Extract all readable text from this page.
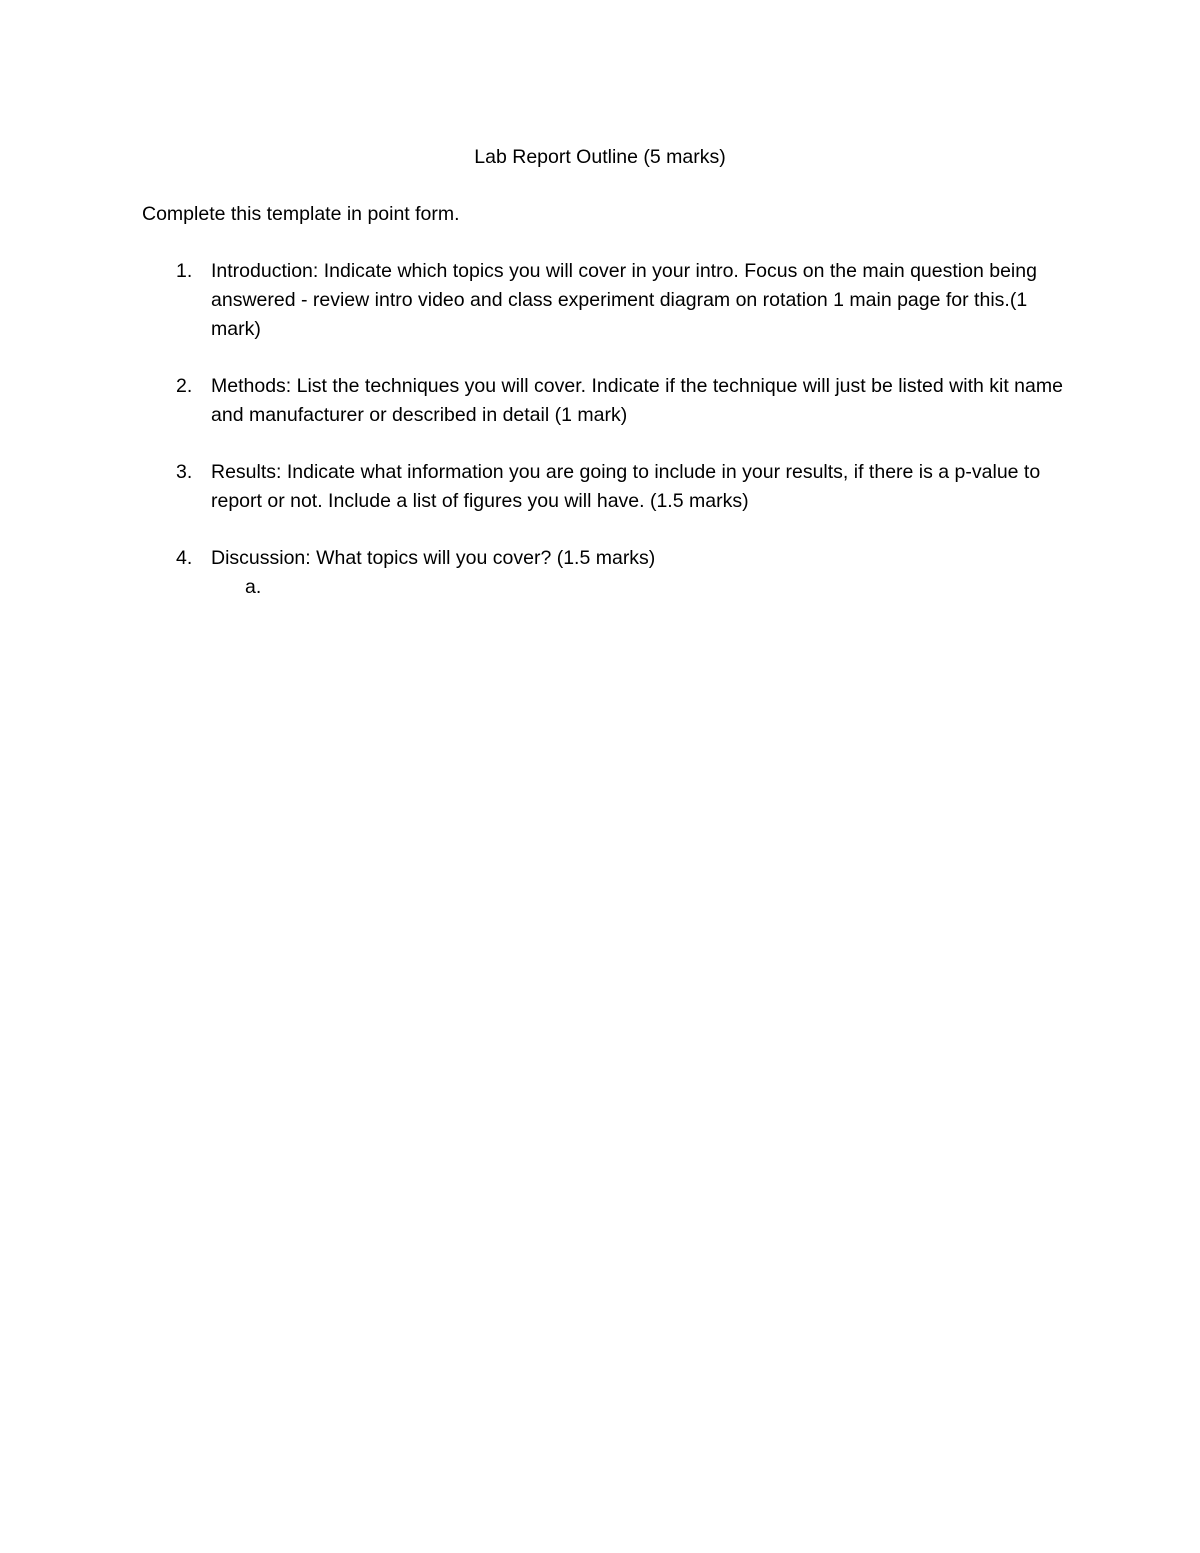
Lab Report Outline (5 marks)
Complete this template in point form.
1. Introduction: Indicate which topics you will cover in your intro. Focus on the main question being answered - review intro video and class experiment diagram on rotation 1 main page for this.(1 mark)
2. Methods: List the techniques you will cover. Indicate if the technique will just be listed with kit name and manufacturer or described in detail (1 mark)
3. Results: Indicate what information you are going to include in your results, if there is a p-value to report or not. Include a list of figures you will have. (1.5 marks)
4. Discussion: What topics will you cover? (1.5 marks)
a.
